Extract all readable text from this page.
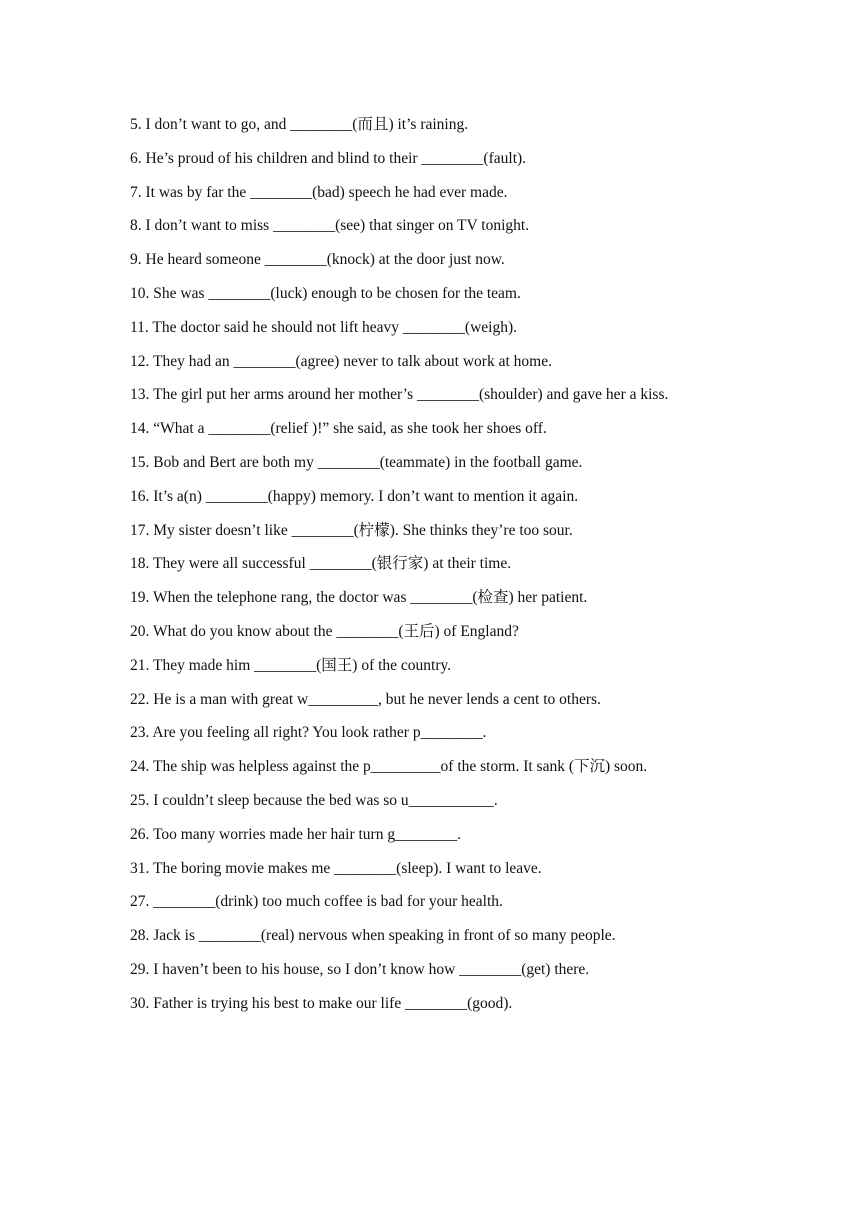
5. I don’t want to go, and ________(而且) it’s raining.
6. He’s proud of his children and blind to their ________(fault).
7. It was by far the ________(bad) speech he had ever made.
8. I don’t want to miss ________(see) that singer on TV tonight.
9. He heard someone ________(knock) at the door just now.
10. She was ________(luck) enough to be chosen for the team.
11. The doctor said he should not lift heavy ________(weigh).
12. They had an ________(agree) never to talk about work at home.
13. The girl put her arms around her mother’s ________(shoulder) and gave her a kiss.
14. “What a ________(relief )!” she said, as she took her shoes off.
15. Bob and Bert are both my ________(teammate) in the football game.
16. It’s a(n) ________(happy) memory. I don’t want to mention it again.
17. My sister doesn’t like ________(柠檬). She thinks they’re too sour.
18. They were all successful ________(银行家) at their time.
19. When the telephone rang, the doctor was ________(检查) her patient.
20. What do you know about the ________(王后) of England?
21. They made him ________(国王) of the country.
22. He is a man with great w_________, but he never lends a cent to others.
23. Are you feeling all right? You look rather p________.
24. The ship was helpless against the p_________of the storm. It sank (下沉) soon.
25. I couldn’t sleep because the bed was so u___________.
26. Too many worries made her hair turn g________.
31. The boring movie makes me ________(sleep). I want to leave.
27. ________(drink) too much coffee is bad for your health.
28. Jack is ________(real) nervous when speaking in front of so many people.
29. I haven’t been to his house, so I don’t know how ________(get) there.
30. Father is trying his best to make our life ________(good).
